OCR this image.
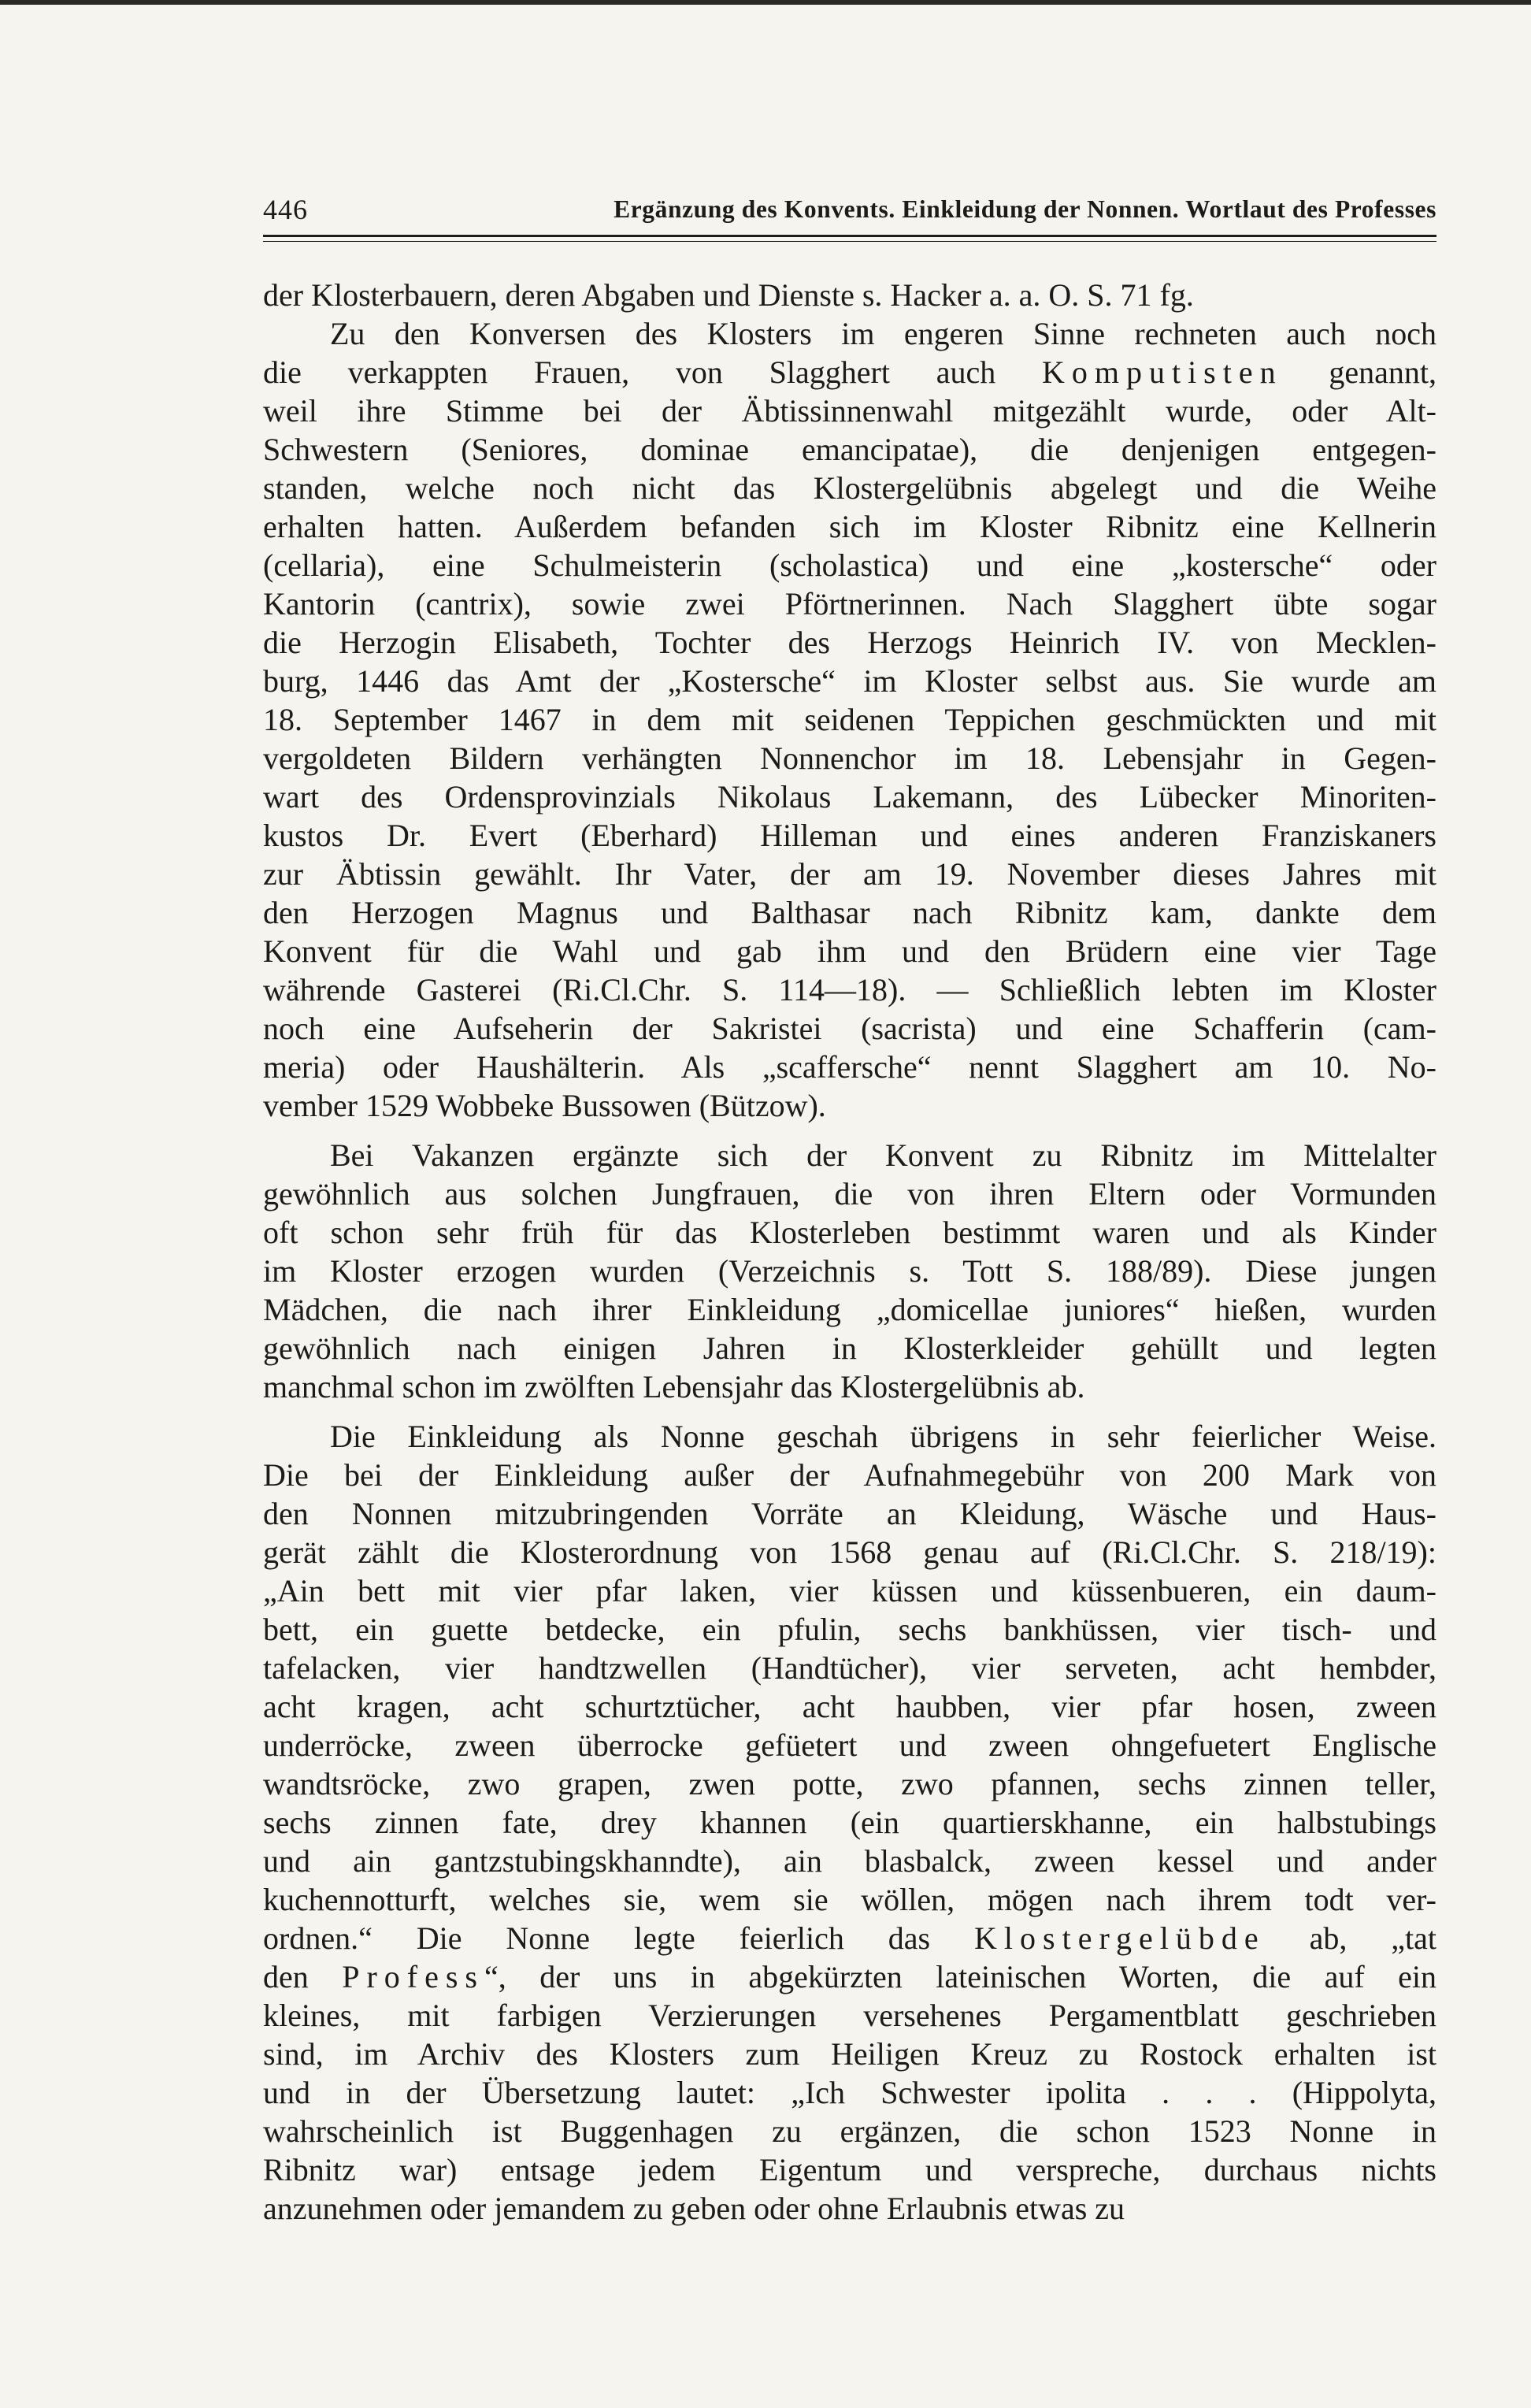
446	Ergänzung des Konvents. Einkleidung der Nonnen. Wortlaut des Professes
der Klosterbauern, deren Abgaben und Dienste s. Hacker a. a. O. S. 71 fg.
Zu den Konversen des Klosters im engeren Sinne rechneten auch noch
die verkappten Frauen, von Slagghert auch Komputisten genannt,
weil ihre Stimme bei der Äbtissinnenwahl mitgezählt wurde, oder Alt-
Schwestern (Seniores, dominae emancipatae), die denjenigen entgegen-
standen, welche noch nicht das Klostergelübnis abgelegt und die Weihe
erhalten hatten. Außerdem befanden sich im Kloster Ribnitz eine Kellnerin
(cellaria), eine Schulmeisterin (scholastica) und eine „kostersche“ oder
Kantorin (cantrix), sowie zwei Pförtnerinnen. Nach Slagghert übte sogar
die Herzogin Elisabeth, Tochter des Herzogs Heinrich IV. von Mecklen-
burg, 1446 das Amt der „Kostersche“ im Kloster selbst aus. Sie wurde am
18. September 1467 in dem mit seidenen Teppichen geschmückten und mit
vergoldeten Bildern verhängten Nonnenchor im 18. Lebensjahr in Gegen-
wart des Ordensprovinzials Nikolaus Lakemann, des Lübecker Minoriten-
kustos Dr. Evert (Eberhard) Hilleman und eines anderen Franziskaners
zur Äbtissin gewählt. Ihr Vater, der am 19. November dieses Jahres mit
den Herzogen Magnus und Balthasar nach Ribnitz kam, dankte dem
Konvent für die Wahl und gab ihm und den Brüdern eine vier Tage
währende Gasterei (Ri.Cl.Chr. S. 114—18). — Schließlich lebten im Kloster
noch eine Aufseherin der Sakristei (sacrista) und eine Schafferin (cam-
meria) oder Haushälterin. Als „scaffersche“ nennt Slagghert am 10. No-
vember 1529 Wobbeke Bussowen (Bützow).
Bei Vakanzen ergänzte sich der Konvent zu Ribnitz im Mittelalter
gewöhnlich aus solchen Jungfrauen, die von ihren Eltern oder Vormunden
oft schon sehr früh für das Klosterleben bestimmt waren und als Kinder
im Kloster erzogen wurden (Verzeichnis s. Tott S. 188/89). Diese jungen
Mädchen, die nach ihrer Einkleidung „domicellae juniores“ hießen, wurden
gewöhnlich nach einigen Jahren in Klosterkleider gehüllt und legten
manchmal schon im zwölften Lebensjahr das Klostergelübnis ab.
Die Einkleidung als Nonne geschah übrigens in sehr feierlicher Weise.
Die bei der Einkleidung außer der Aufnahmegebühr von 200 Mark von
den Nonnen mitzubringenden Vorräte an Kleidung, Wäsche und Haus-
gerät zählt die Klosterordnung von 1568 genau auf (Ri.Cl.Chr. S. 218/19):
„Ain bett mit vier pfar laken, vier küssen und küssenbueren, ein daum-
bett, ein guette betdecke, ein pfulin, sechs bankhüssen, vier tisch- und
tafelacken, vier handtzwellen (Handtücher), vier serveten, acht hembder,
acht kragen, acht schurtztücher, acht haubben, vier pfar hosen, zween
underröcke, zween überrocke gefüetert und zween ohngefuetert Englische
wandtsröcke, zwo grapen, zwen potte, zwo pfannen, sechs zinnen teller,
sechs zinnen fate, drey khannen (ein quartierskhanne, ein halbstubings
und ain gantzstubingskhanndte), ain blasbalck, zween kessel und ander
kuchennotturft, welches sie, wem sie wöllen, mögen nach ihrem todt ver-
ordnen.“ Die Nonne legte feierlich das Klostergelübde ab, „tat
den Profess“, der uns in abgekürzten lateinischen Worten, die auf ein
kleines, mit farbigen Verzierungen versehenes Pergamentblatt geschrieben
sind, im Archiv des Klosters zum Heiligen Kreuz zu Rostock erhalten ist
und in der Übersetzung lautet: „Ich Schwester ipolita . . . (Hippolyta,
wahrscheinlich ist Buggenhagen zu ergänzen, die schon 1523 Nonne in
Ribnitz war) entsage jedem Eigentum und verspreche, durchaus nichts
anzunehmen oder jemandem zu geben oder ohne Erlaubnis etwas zu
